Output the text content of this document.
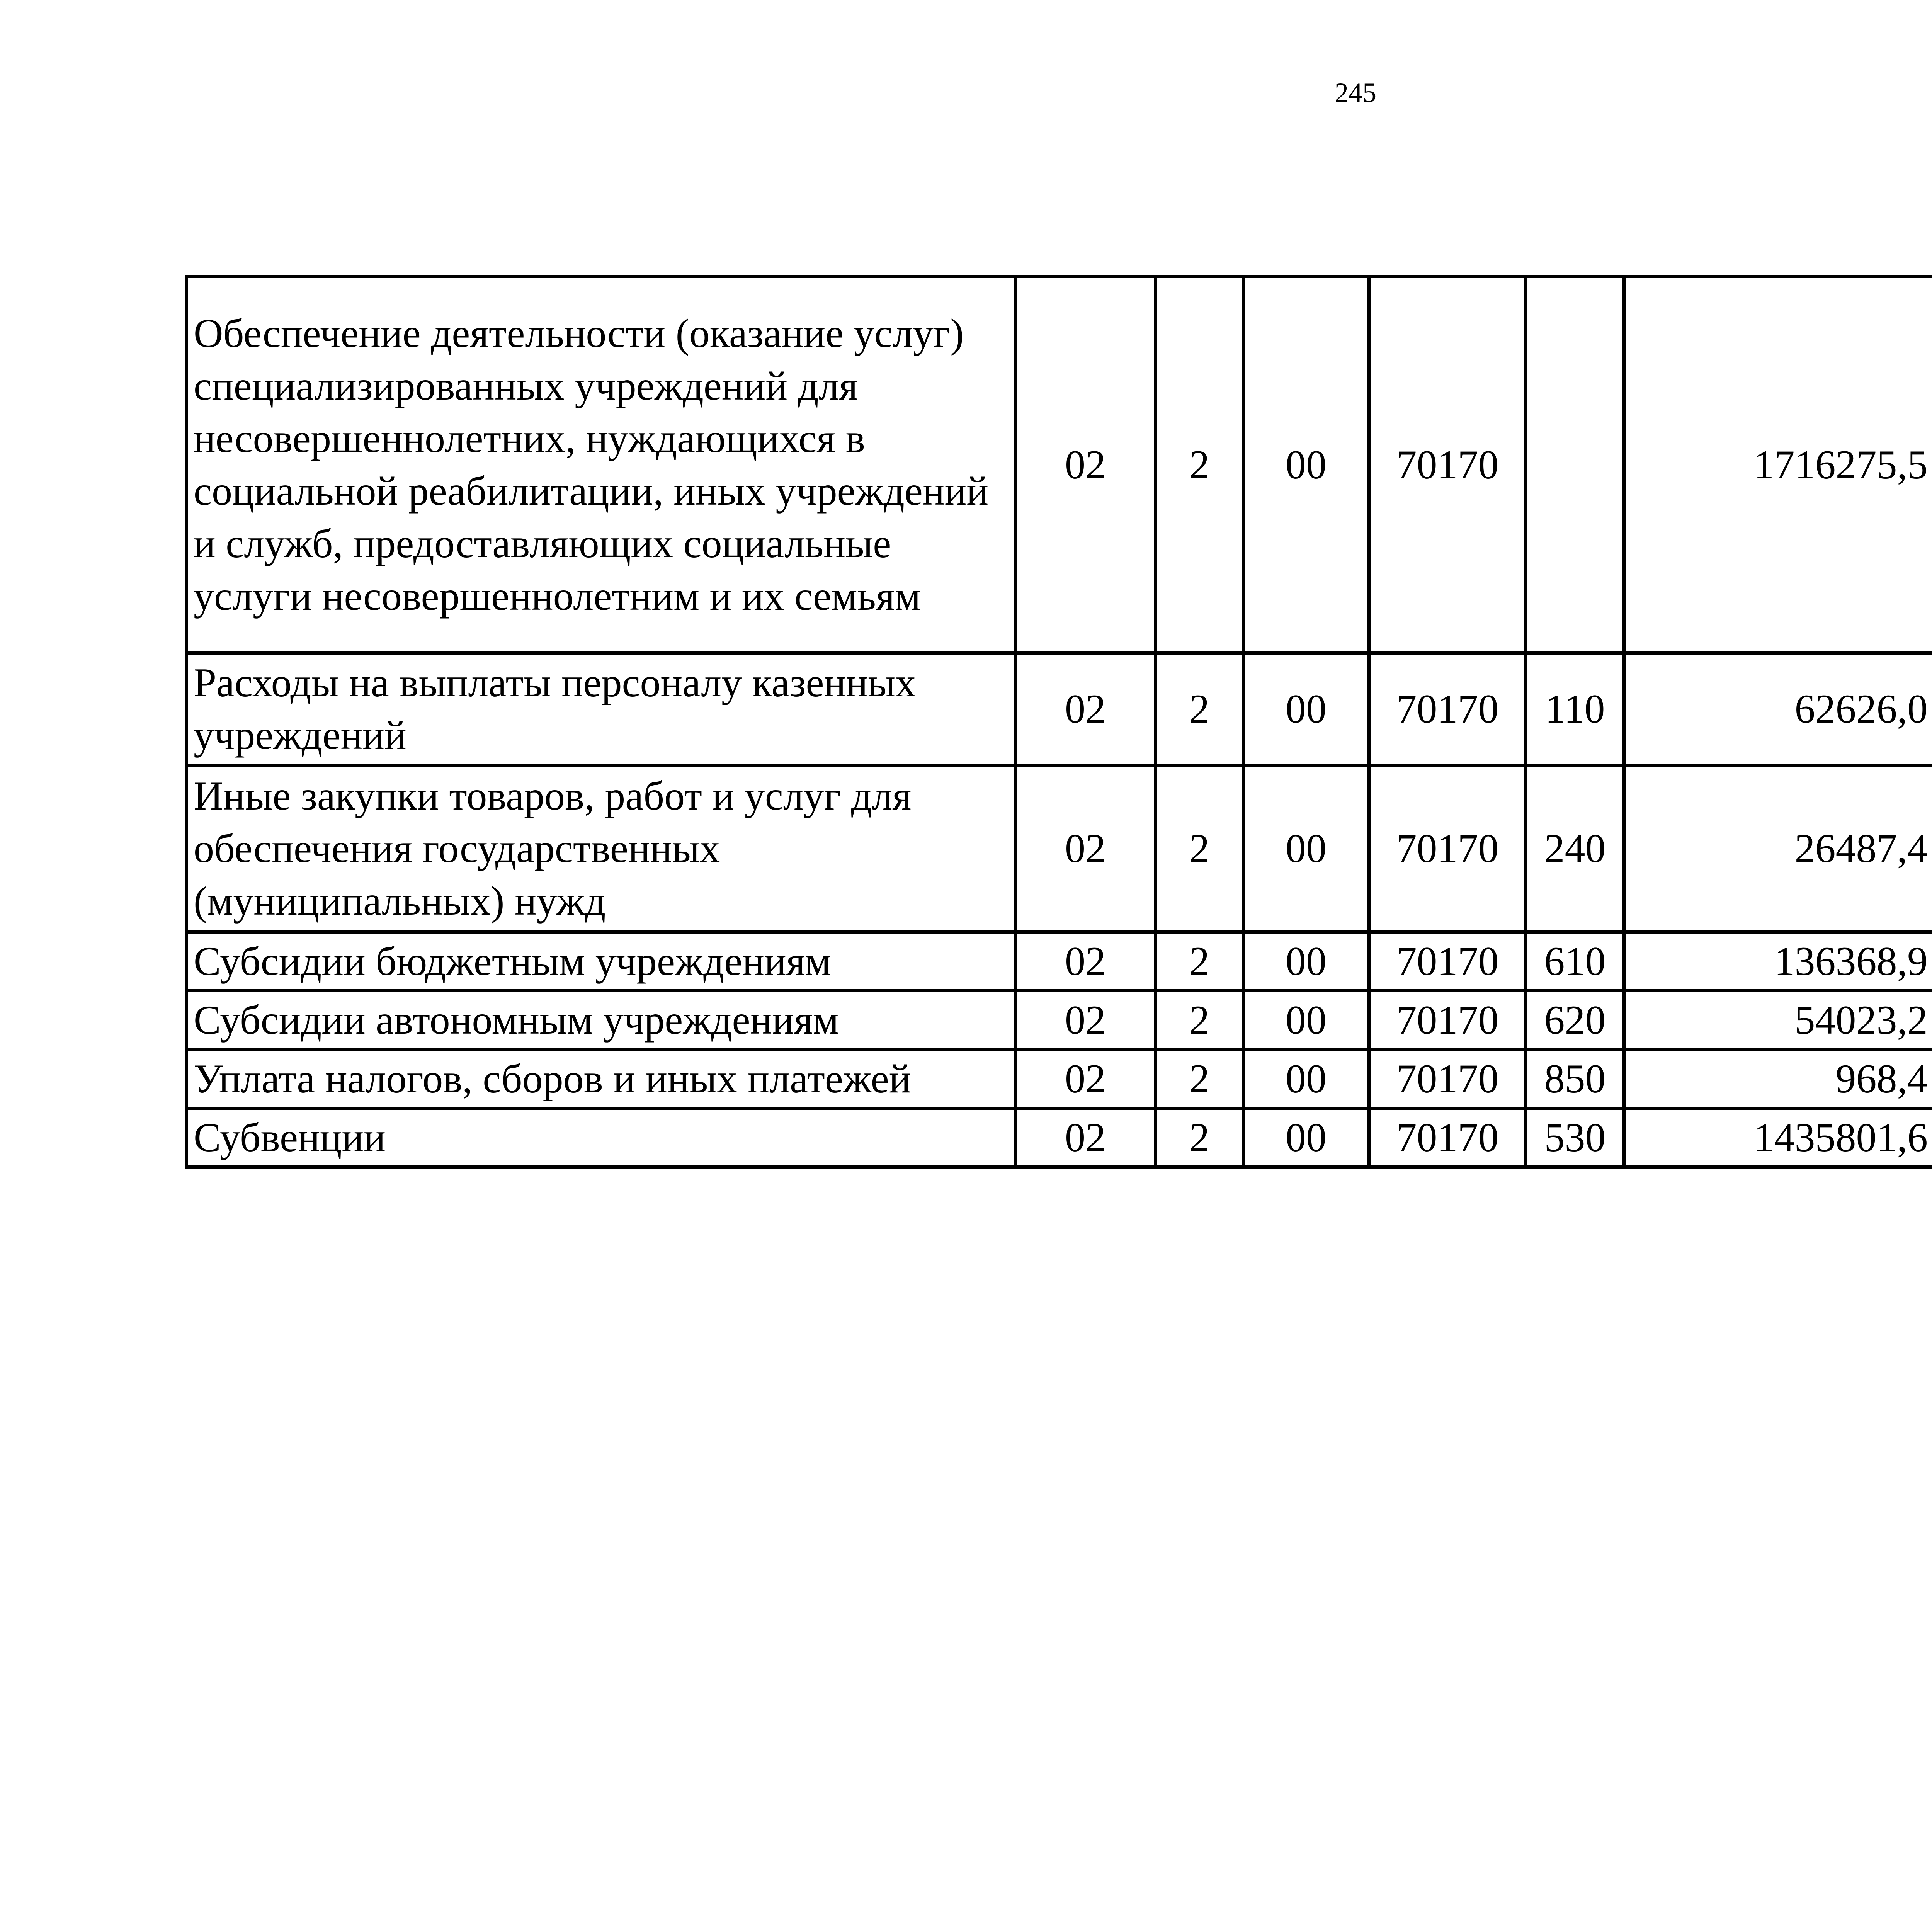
245
Обеспечение деятельности (оказание услуг) специализированных учреждений для несовершеннолетних, нуждающихся в социальной реабилитации, иных учреждений и служб, предоставляющих социальные услуги несовершеннолетним и их семьям	02	2	00	70170		1716275,5		
Расходы на выплаты персоналу казенных учреждений	02	2	00	70170	110	62626,0		
Иные закупки товаров, работ и услуг для обеспечения государственных (муниципальных) нужд	02	2	00	70170	240	26487,4		
Субсидии бюджетным учреждениям	02	2	00	70170	610	136368,9		
Субсидии автономным учреждениям	02	2	00	70170	620	54023,2		
Уплата налогов, сборов и иных платежей	02	2	00	70170	850	968,4		
Субвенции	02	2	00	70170	530	1435801,6		
